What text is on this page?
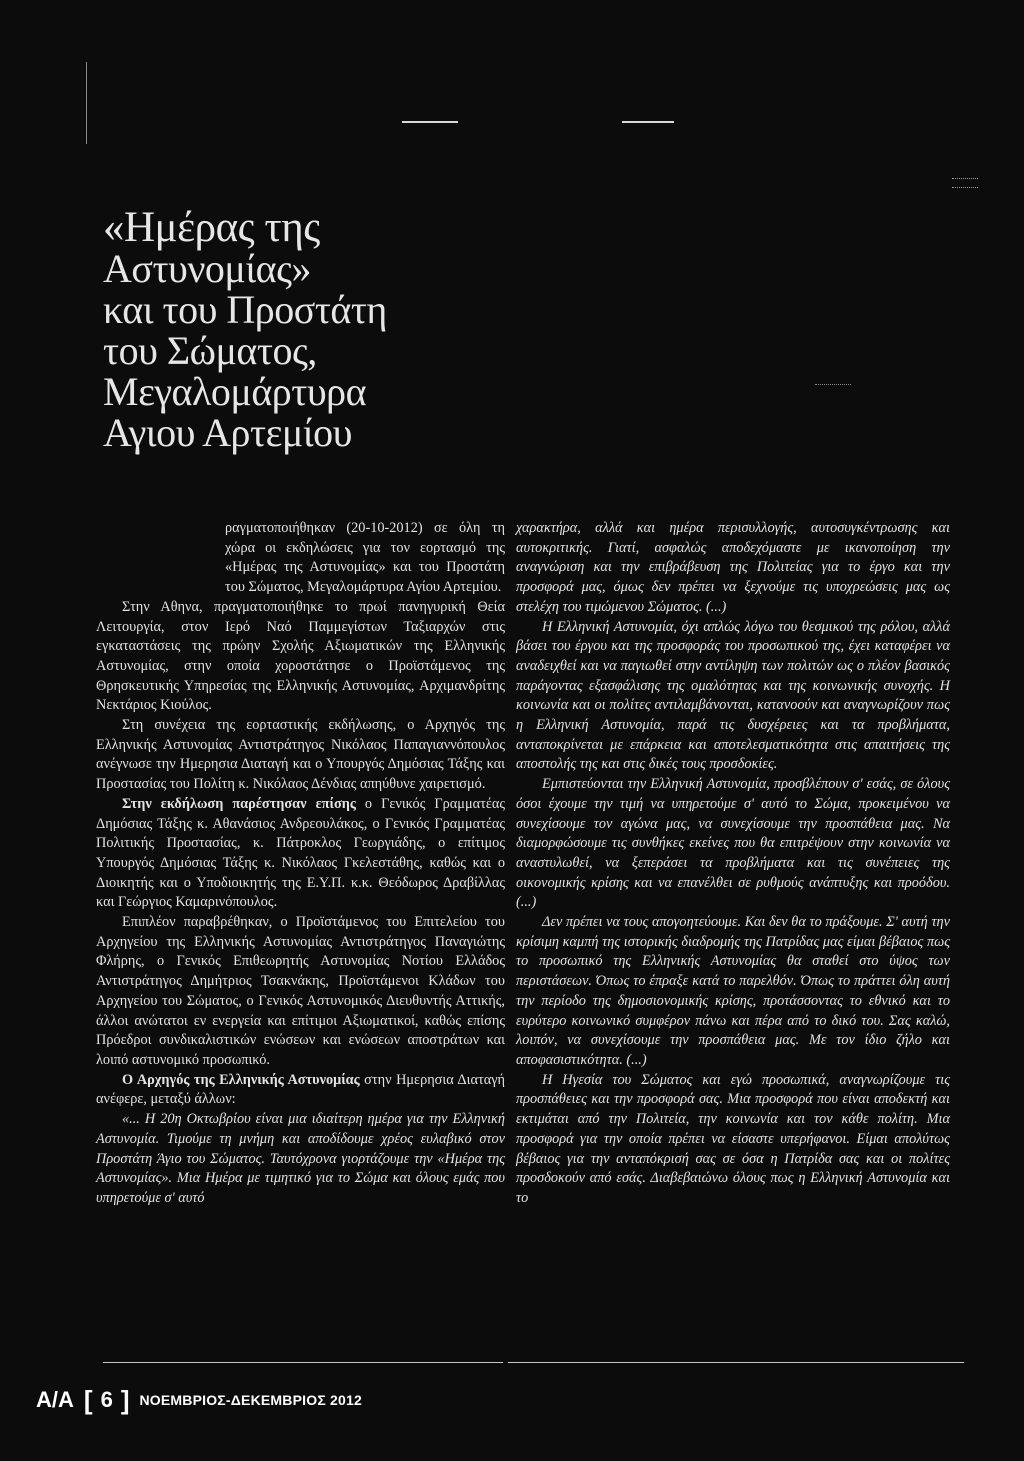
«Ημέρας της
Αστυνομίας»
και του Προστάτη
του Σώματος,
Μεγαλομάρτυρα
Αγιου Αρτεμίου

ραγματοποιήθηκαν (20-10-2012) σε όλη τη χώρα οι εκδηλώσεις για τον εορτασμό της «Ημέρας της Αστυνομίας» και του Προστάτη του Σώματος, Μεγαλομάρτυρα Αγίου Αρτεμίου.

Στην Αθηνα, πραγματοποιήθηκε το πρωί πανηγυρική Θεία Λειτουργία, στον Ιερό Ναό Παμμεγίστων Ταξιαρχών στις εγκαταστάσεις της πρώην Σχολής Αξιωματικών της Ελληνικής Αστυνομίας, στην οποία χοροστάτησε ο Προϊστάμενος της Θρησκευτικής Υπηρεσίας της Ελληνικής Αστυνομίας, Αρχιμανδρίτης Νεκτάριος Κιούλος.

Στη συνέχεια της εορταστικής εκδήλωσης, ο Αρχηγός της Ελληνικής Αστυνομίας Αντιστράτηγος Νικόλαος Παπαγιαννόπουλος ανέγνωσε την Ημερησια Διαταγή και ο Υπουργός Δημόσιας Τάξης και Προστασίας του Πολίτη κ. Νικόλαος Δένδιας απηύθυνε χαιρετισμό.

Στην εκδήλωση παρέστησαν επίσης ο Γενικός Γραμματέας Δημόσιας Τάξης κ. Αθανάσιος Ανδρεουλάκος, ο Γενικός Γραμματέας Πολιτικής Προστασίας, κ. Πάτροκλος Γεωργιάδης, ο επίτιμος Υπουργός Δημόσιας Τάξης κ. Νικόλαος Γκελεστάθης, καθώς και ο Διοικητής και ο Υποδιοικητής της Ε.Υ.Π. κ.κ. Θεόδωρος Δραβίλλας και Γεώργιος Καμαρινόπουλος.

Επιπλέον παραβρέθηκαν, ο Προϊστάμενος του Επιτελείου του Αρχηγείου της Ελληνικής Αστυνομίας Αντιστράτηγος Παναγιώτης Φλήρης, ο Γενικός Επιθεωρητής Αστυνομίας Νοτίου Ελλάδος Αντιστράτηγος Δημήτριος Τσακνάκης, Προϊστάμενοι Κλάδων του Αρχηγείου του Σώματος, ο Γενικός Αστυνομικός Διευθυντής Αττικής, άλλοι ανώτατοι εν ενεργεία και επίτιμοι Αξιωματικοί, καθώς επίσης Πρόεδροι συνδικαλιστικών ενώσεων και ενώσεων αποστράτων και λοιπό αστυνομικό προσωπικό.

Ο Αρχηγός της Ελληνικής Αστυνομίας στην Ημερησια Διαταγή ανέφερε, μεταξύ άλλων:

«... Η 20η Οκτωβρίου είναι μια ιδιαίτερη ημέρα για την Ελληνική Αστυνομία. Τιμούμε τη μνήμη και αποδίδουμε χρέος ευλαβικό στον Προστάτη Άγιο του Σώματος. Ταυτόχρονα γιορτάζουμε την «Ημέρα της Αστυνομίας». Μια Ημέρα με τιμητικό για το Σώμα και όλους εμάς που υπηρετούμε σ' αυτό

χαρακτήρα, αλλά και ημέρα περισυλλογής, αυτοσυγκέντρωσης και αυτοκριτικής. Γιατί, ασφαλώς αποδεχόμαστε με ικανοποίηση την αναγνώριση και την επιβράβευση της Πολιτείας για το έργο και την προσφορά μας, όμως δεν πρέπει να ξεχνούμε τις υποχρεώσεις μας ως στελέχη του τιμώμενου Σώματος. (...)

Η Ελληνική Αστυνομία, όχι απλώς λόγω του θεσμικού της ρόλου, αλλά βάσει του έργου και της προσφοράς του προσωπικού της, έχει καταφέρει να αναδειχθεί και να παγιωθεί στην αντίληψη των πολιτών ως ο πλέον βασικός παράγοντας εξασφάλισης της ομαλότητας και της κοινωνικής συνοχής. Η κοινωνία και οι πολίτες αντιλαμβάνονται, κατανοούν και αναγνωρίζουν πως η Ελληνική Αστυνομία, παρά τις δυσχέρειες και τα προβλήματα, ανταποκρίνεται με επάρκεια και αποτελεσματικότητα στις απαιτήσεις της αποστολής της και στις δικές τους προσδοκίες.

Εμπιστεύονται την Ελληνική Αστυνομία, προσβλέπουν σ' εσάς, σε όλους όσοι έχουμε την τιμή να υπηρετούμε σ' αυτό το Σώμα, προκειμένου να συνεχίσουμε τον αγώνα μας, να συνεχίσουμε την προσπάθεια μας. Να διαμορφώσουμε τις συνθήκες εκείνες που θα επιτρέψουν στην κοινωνία να αναστυλωθεί, να ξεπεράσει τα προβλήματα και τις συνέπειες της οικονομικής κρίσης και να επανέλθει σε ρυθμούς ανάπτυξης και προόδου. (...)

Δεν πρέπει να τους απογοητεύουμε. Και δεν θα το πράξουμε. Σ' αυτή την κρίσιμη καμπή της ιστορικής διαδρομής της Πατρίδας μας είμαι βέβαιος πως το προσωπικό της Ελληνικής Αστυνομίας θα σταθεί στο ύψος των περιστάσεων. Όπως το έπραξε κατά το παρελθόν. Όπως το πράττει όλη αυτή την περίοδο της δημοσιονομικής κρίσης, προτάσσοντας το εθνικό και το ευρύτερο κοινωνικό συμφέρον πάνω και πέρα από το δικό του. Σας καλώ, λοιπόν, να συνεχίσουμε την προσπάθεια μας. Με τον ίδιο ζήλο και αποφασιστικότητα. (...)

Η Ηγεσία του Σώματος και εγώ προσωπικά, αναγνωρίζουμε τις προσπάθειες και την προσφορά σας. Μια προσφορά που είναι αποδεκτή και εκτιμάται από την Πολιτεία, την κοινωνία και τον κάθε πολίτη. Μια προσφορά για την οποία πρέπει να είσαστε υπερήφανοι. Είμαι απολύτως βέβαιος για την ανταπόκρισή σας σε όσα η Πατρίδα σας και οι πολίτες προσδοκούν από εσάς. Διαβεβαιώνω όλους πως η Ελληνική Αστυνομία και το

Α/Α [ 6 ] ΝΟΕΜΒΡΙΟΣ-ΔΕΚΕΜΒΡΙΟΣ 2012
